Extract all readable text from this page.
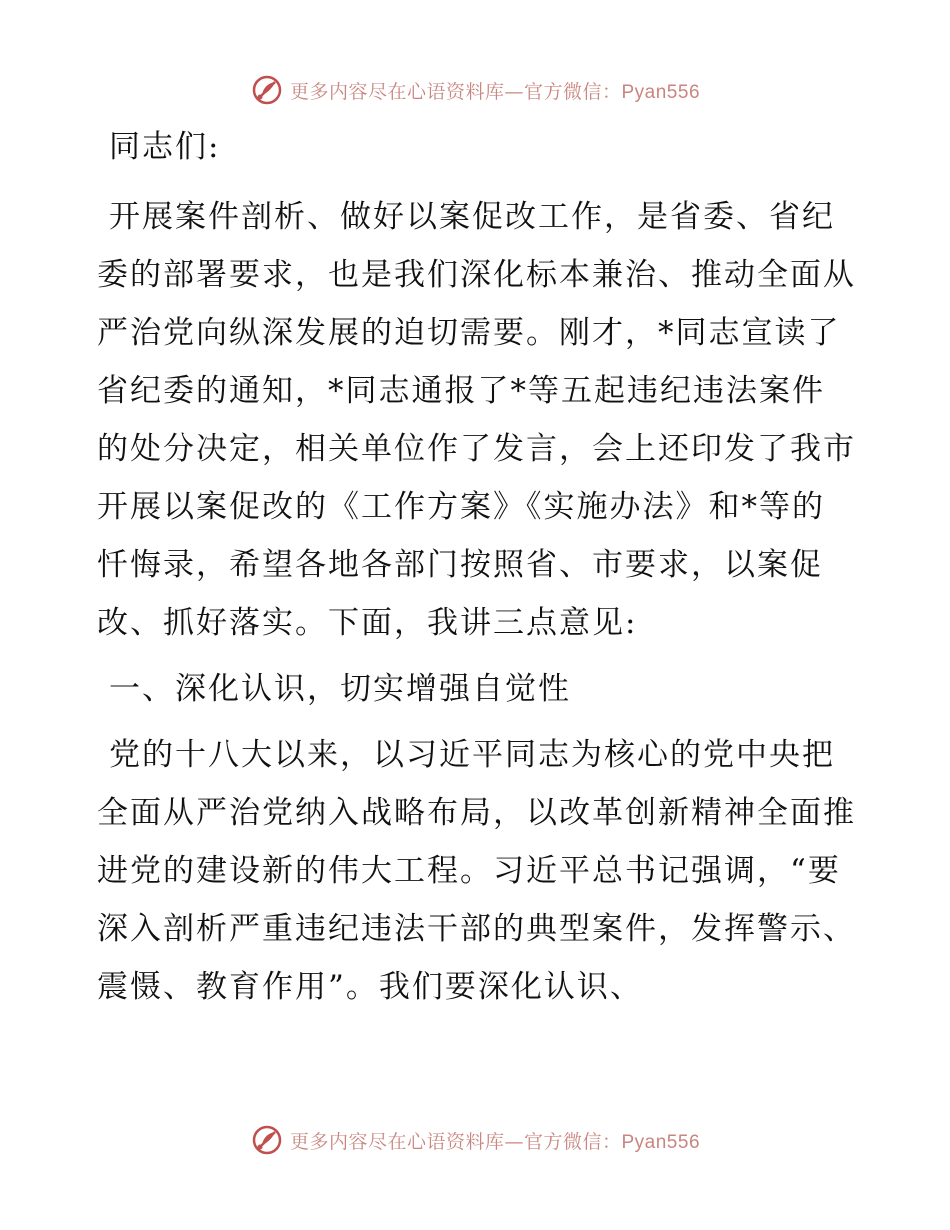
更多内容尽在心语资料库—官方微信：Pyan556

同志们:

开展案件剖析、做好以案促改工作，是省委、省纪委的部署要求，也是我们深化标本兼治、推动全面从严治党向纵深发展的迫切需要。刚才，*同志宣读了省纪委的通知，*同志通报了*等五起违纪违法案件的处分决定，相关单位作了发言，会上还印发了我市开展以案促改的《工作方案》《实施办法》和*等的忏悔录，希望各地各部门按照省、市要求，以案促改、抓好落实。下面，我讲三点意见:

一、深化认识，切实增强自觉性

党的十八大以来，以习近平同志为核心的党中央把全面从严治党纳入战略布局，以改革创新精神全面推进党的建设新的伟大工程。习近平总书记强调，“要深入剖析严重违纪违法干部的典型案件，发挥警示、震慑、教育作用”。我们要深化认识、

更多内容尽在心语资料库—官方微信：Pyan556
